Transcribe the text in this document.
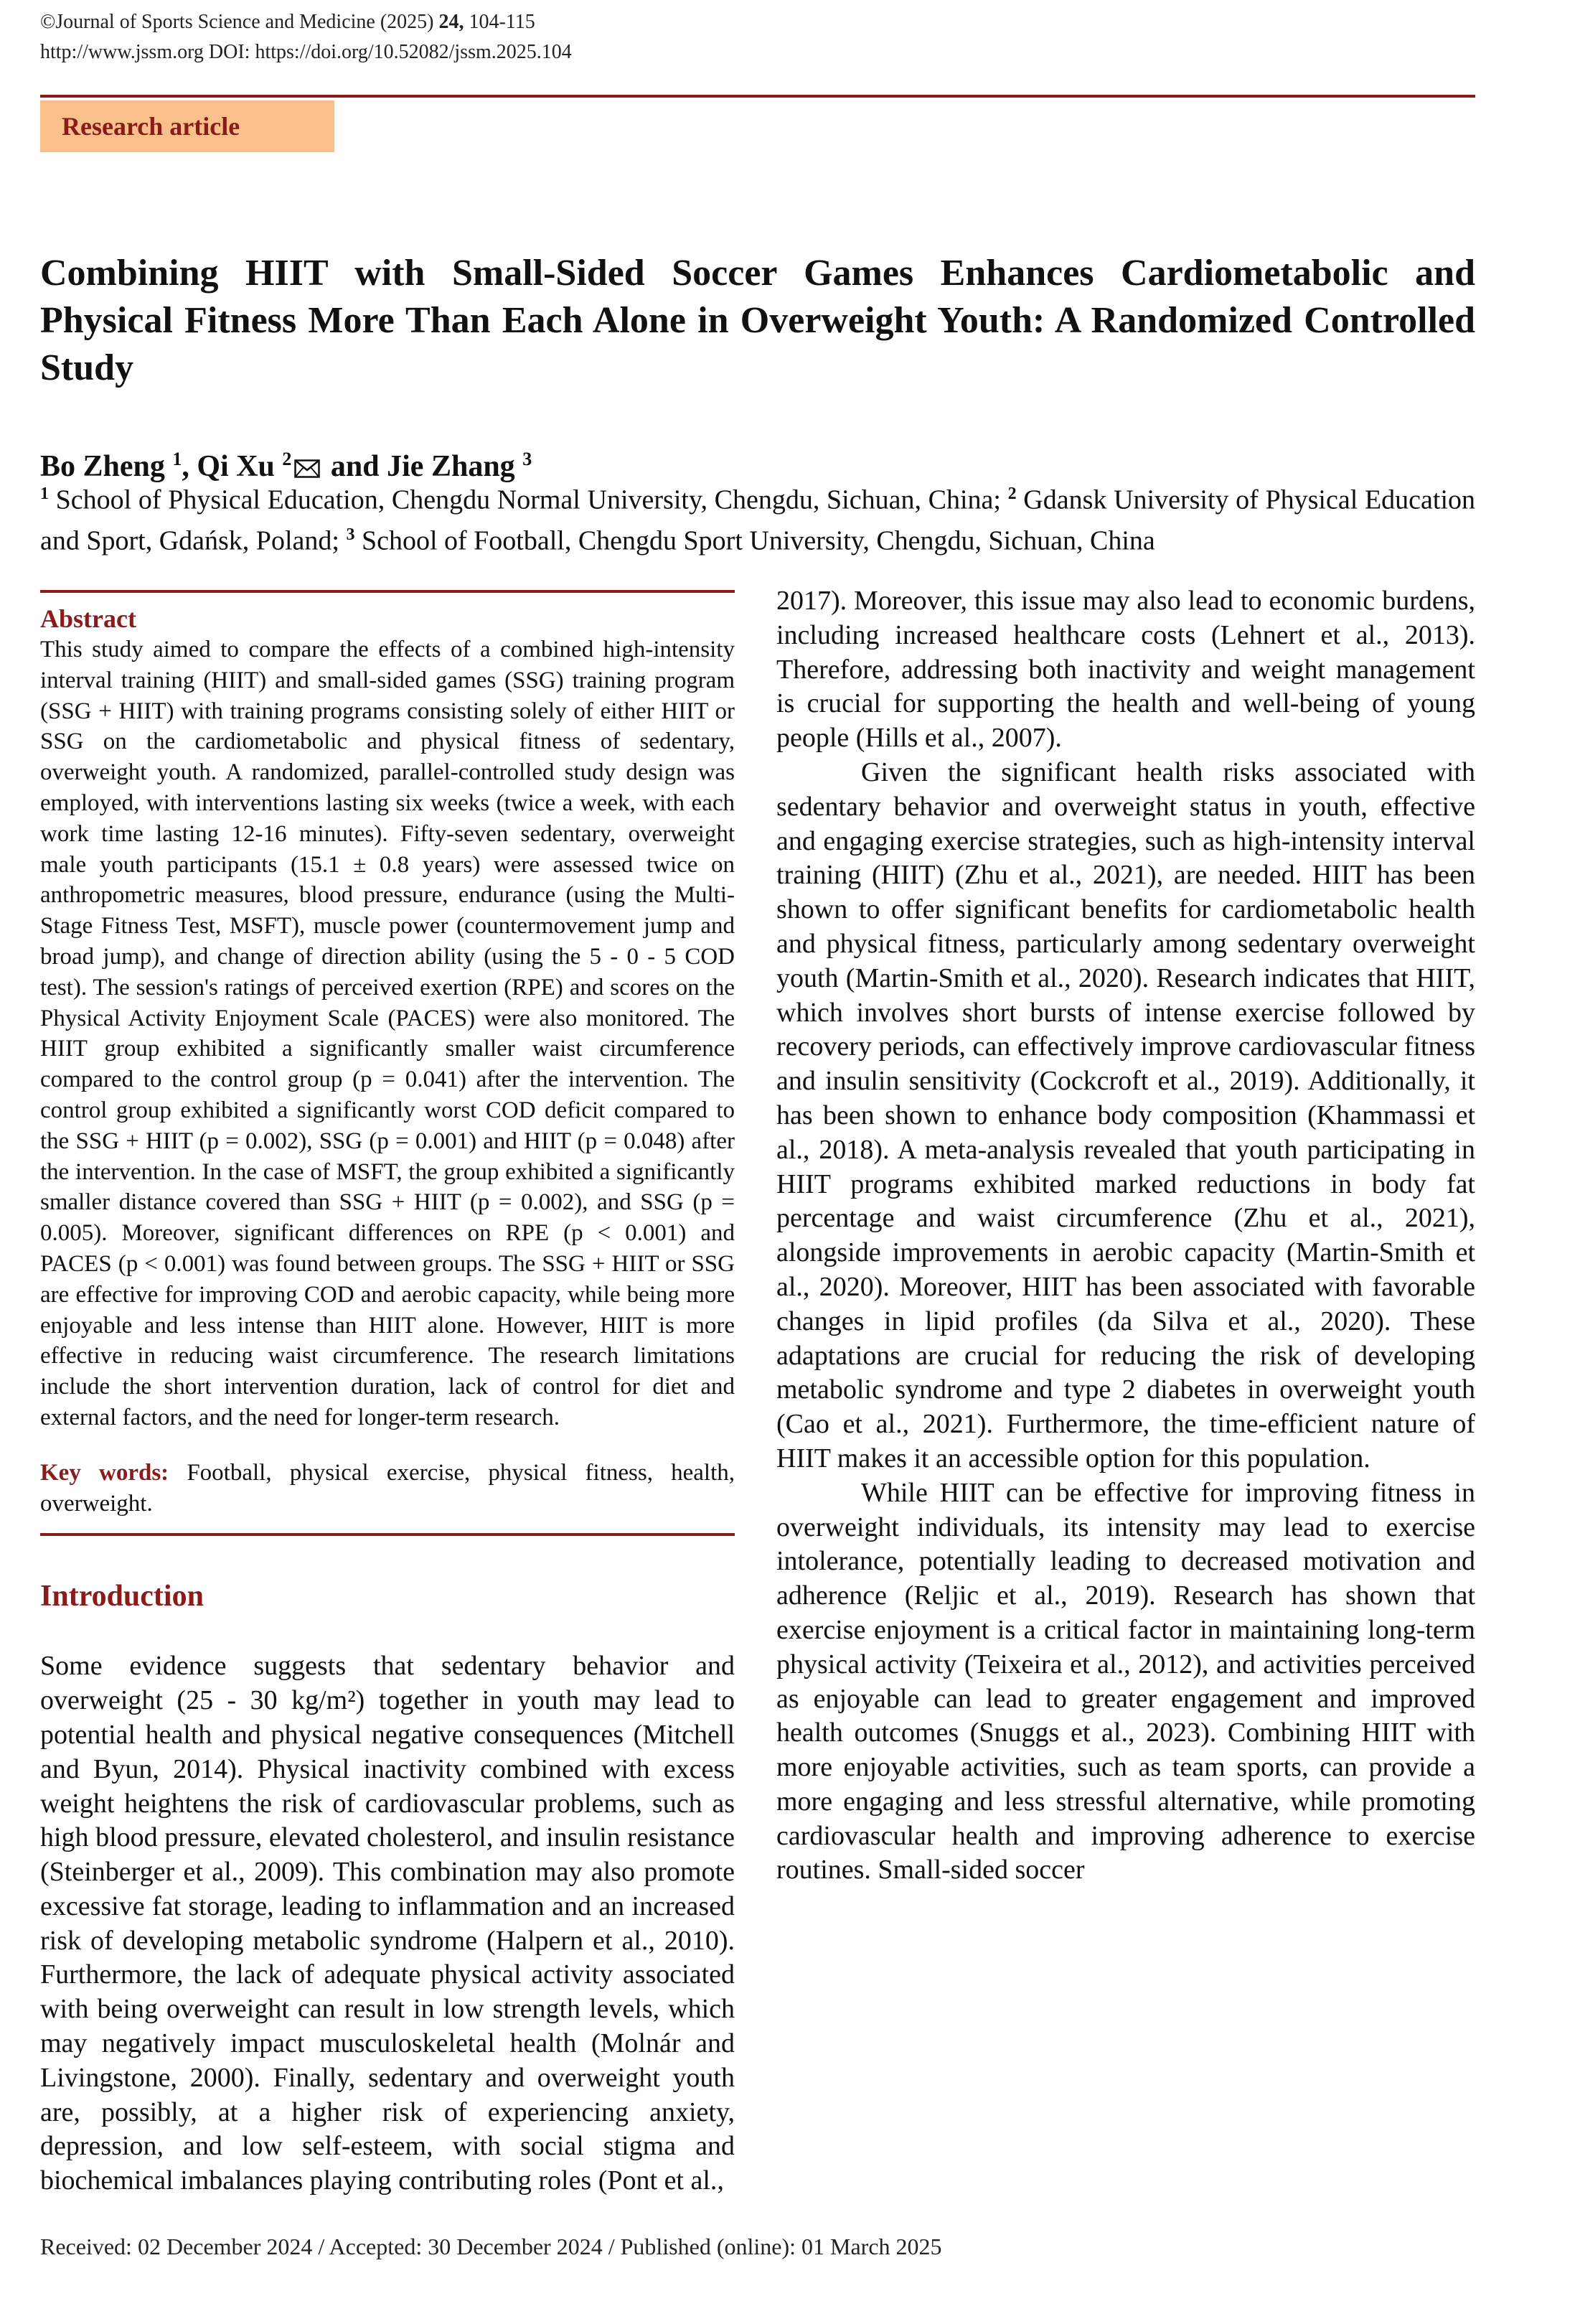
©Journal of Sports Science and Medicine (2025) 24, 104-115
http://www.jssm.org DOI: https://doi.org/10.52082/jssm.2025.104
Research article
Combining HIIT with Small-Sided Soccer Games Enhances Cardiometabolic and Physical Fitness More Than Each Alone in Overweight Youth: A Randomized Controlled Study
Bo Zheng $^1$, Qi Xu $^2$ and Jie Zhang $^3$
$^1$ School of Physical Education, Chengdu Normal University, Chengdu, Sichuan, China; $^2$ Gdansk University of Physical Education and Sport, Gdańsk, Poland; $^3$ School of Football, Chengdu Sport University, Chengdu, Sichuan, China
Abstract

This study aimed to compare the effects of a combined high-intensity interval training (HIIT) and small-sided games (SSG) training program (SSG + HIIT) with training programs consisting solely of either HIIT or SSG on the cardiometabolic and physical fitness of sedentary, overweight youth. A randomized, parallel-controlled study design was employed, with interventions lasting six weeks (twice a week, with each work time lasting 12-16 minutes). Fifty-seven sedentary, overweight male youth participants (15.1 ± 0.8 years) were assessed twice on anthropometric measures, blood pressure, endurance (using the Multi-Stage Fitness Test, MSFT), muscle power (countermovement jump and broad jump), and change of direction ability (using the 5 - 0 - 5 COD test). The session's ratings of perceived exertion (RPE) and scores on the Physical Activity Enjoyment Scale (PACES) were also monitored. The HIIT group exhibited a significantly smaller waist circumference compared to the control group (p = 0.041) after the intervention. The control group exhibited a significantly worst COD deficit compared to the SSG + HIIT (p = 0.002), SSG (p = 0.001) and HIIT (p = 0.048) after the intervention. In the case of MSFT, the group exhibited a significantly smaller distance covered than SSG + HIIT (p = 0.002), and SSG (p = 0.005). Moreover, significant differences on RPE (p < 0.001) and PACES (p < 0.001) was found between groups. The SSG + HIIT or SSG are effective for improving COD and aerobic capacity, while being more enjoyable and less intense than HIIT alone. However, HIIT is more effective in reducing waist circumference. The research limitations include the short intervention duration, lack of control for diet and external factors, and the need for longer-term research.

Key words: Football, physical exercise, physical fitness, health, overweight.

Introduction

Some evidence suggests that sedentary behavior and overweight (25 - 30 kg/m²) together in youth may lead to potential health and physical negative consequences (Mitchell and Byun, 2014). Physical inactivity combined with excess weight heightens the risk of cardiovascular problems, such as high blood pressure, elevated cholesterol, and insulin resistance (Steinberger et al., 2009). This combination may also promote excessive fat storage, leading to inflammation and an increased risk of developing metabolic syndrome (Halpern et al., 2010). Furthermore, the lack of adequate physical activity associated with being overweight can result in low strength levels, which may negatively impact musculoskeletal health (Molnár and Livingstone, 2000). Finally, sedentary and overweight youth are, possibly, at a higher risk of experiencing anxiety, depression, and low self-esteem, with social stigma and biochemical imbalances playing contributing roles (Pont et al.,

2017). Moreover, this issue may also lead to economic burdens, including increased healthcare costs (Lehnert et al., 2013). Therefore, addressing both inactivity and weight management is crucial for supporting the health and well-being of young people (Hills et al., 2007).

Given the significant health risks associated with sedentary behavior and overweight status in youth, effective and engaging exercise strategies, such as high-intensity interval training (HIIT) (Zhu et al., 2021), are needed. HIIT has been shown to offer significant benefits for cardiometabolic health and physical fitness, particularly among sedentary overweight youth (Martin-Smith et al., 2020). Research indicates that HIIT, which involves short bursts of intense exercise followed by recovery periods, can effectively improve cardiovascular fitness and insulin sensitivity (Cockcroft et al., 2019). Additionally, it has been shown to enhance body composition (Khammassi et al., 2018). A meta-analysis revealed that youth participating in HIIT programs exhibited marked reductions in body fat percentage and waist circumference (Zhu et al., 2021), alongside improvements in aerobic capacity (Martin-Smith et al., 2020). Moreover, HIIT has been associated with favorable changes in lipid profiles (da Silva et al., 2020). These adaptations are crucial for reducing the risk of developing metabolic syndrome and type 2 diabetes in overweight youth (Cao et al., 2021). Furthermore, the time-efficient nature of HIIT makes it an accessible option for this population.

While HIIT can be effective for improving fitness in overweight individuals, its intensity may lead to exercise intolerance, potentially leading to decreased motivation and adherence (Reljic et al., 2019). Research has shown that exercise enjoyment is a critical factor in maintaining long-term physical activity (Teixeira et al., 2012), and activities perceived as enjoyable can lead to greater engagement and improved health outcomes (Snuggs et al., 2023). Combining HIIT with more enjoyable activities, such as team sports, can provide a more engaging and less stressful alternative, while promoting cardiovascular health and improving adherence to exercise routines. Small-sided soccer

Received: 02 December 2024 / Accepted: 30 December 2024 / Published (online): 01 March 2025
